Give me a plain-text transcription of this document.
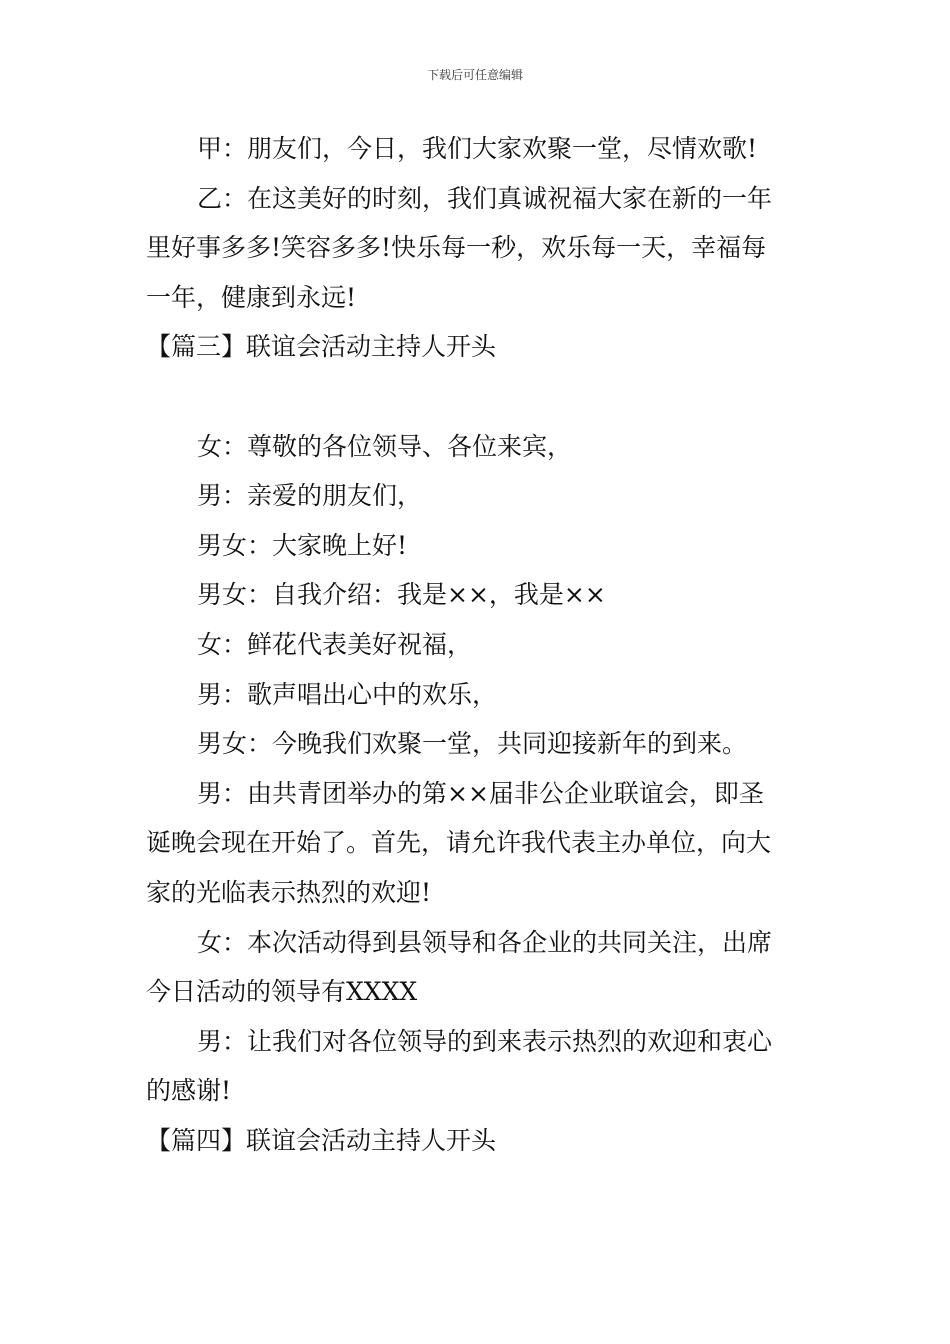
下载后可任意编辑

甲：朋友们，今日，我们大家欢聚一堂，尽情欢歌!

乙：在这美好的时刻，我们真诚祝福大家在新的一年

里好事多多!笑容多多!快乐每一秒，欢乐每一天，幸福每

一年，健康到永远!

【篇三】联谊会活动主持人开头

女：尊敬的各位领导、各位来宾，

男：亲爱的朋友们，

男女：大家晚上好!

男女：自我介绍：我是××，我是××

女：鲜花代表美好祝福，

男：歌声唱出心中的欢乐，

男女：今晚我们欢聚一堂，共同迎接新年的到来。

男：由共青团举办的第××届非公企业联谊会，即圣

诞晚会现在开始了。首先，请允许我代表主办单位，向大

家的光临表示热烈的欢迎!

女：本次活动得到县领导和各企业的共同关注，出席

今日活动的领导有XXXX

男：让我们对各位领导的到来表示热烈的欢迎和衷心

的感谢!

【篇四】联谊会活动主持人开头
